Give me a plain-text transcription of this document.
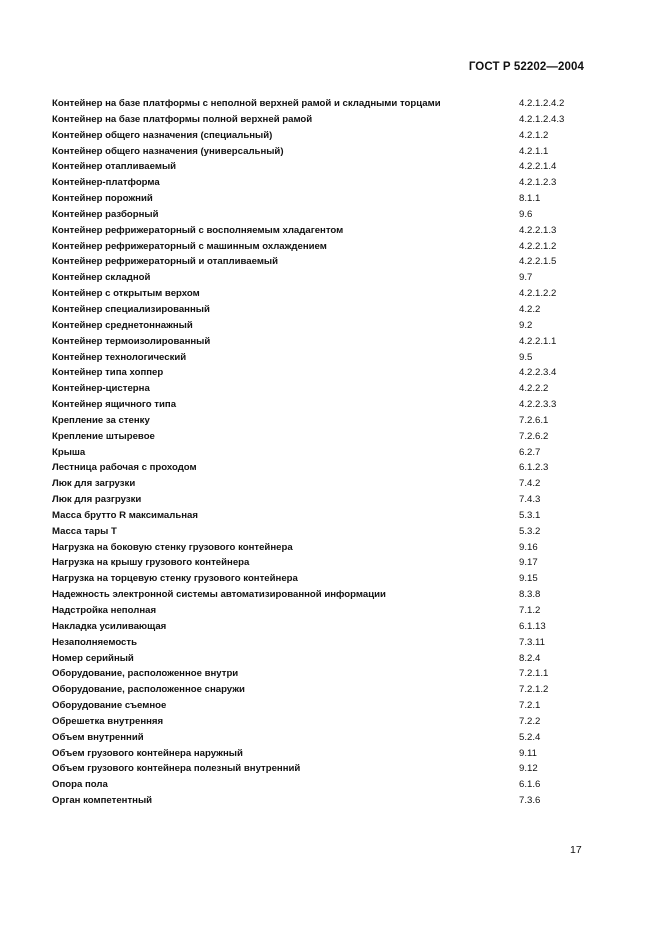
ГОСТ Р 52202—2004
Контейнер на базе платформы с неполной верхней рамой и складными торцами	4.2.1.2.4.2
Контейнер на базе платформы полной верхней рамой	4.2.1.2.4.3
Контейнер общего назначения (специальный)	4.2.1.2
Контейнер общего назначения (универсальный)	4.2.1.1
Контейнер отапливаемый	4.2.2.1.4
Контейнер-платформа	4.2.1.2.3
Контейнер порожний	8.1.1
Контейнер разборный	9.6
Контейнер рефрижераторный с восполняемым хладагентом	4.2.2.1.3
Контейнер рефрижераторный с машинным охлаждением	4.2.2.1.2
Контейнер рефрижераторный и отапливаемый	4.2.2.1.5
Контейнер складной	9.7
Контейнер с открытым верхом	4.2.1.2.2
Контейнер специализированный	4.2.2
Контейнер среднетоннажный	9.2
Контейнер термоизолированный	4.2.2.1.1
Контейнер технологический	9.5
Контейнер типа хоппер	4.2.2.3.4
Контейнер-цистерна	4.2.2.2
Контейнер ящичного типа	4.2.2.3.3
Крепление за стенку	7.2.6.1
Крепление штыревое	7.2.6.2
Крыша	6.2.7
Лестница рабочая с проходом	6.1.2.3
Люк для загрузки	7.4.2
Люк для разгрузки	7.4.3
Масса брутто R максимальная	5.3.1
Масса тары T	5.3.2
Нагрузка на боковую стенку грузового контейнера	9.16
Нагрузка на крышу грузового контейнера	9.17
Нагрузка на торцевую стенку грузового контейнера	9.15
Надежность электронной системы автоматизированной информации	8.3.8
Надстройка неполная	7.1.2
Накладка усиливающая	6.1.13
Незаполняемость	7.3.11
Номер серийный	8.2.4
Оборудование, расположенное внутри	7.2.1.1
Оборудование, расположенное снаружи	7.2.1.2
Оборудование съемное	7.2.1
Обрешетка внутренняя	7.2.2
Объем внутренний	5.2.4
Объем грузового контейнера наружный	9.11
Объем грузового контейнера полезный внутренний	9.12
Опора пола	6.1.6
Орган компетентный	7.3.6
17
